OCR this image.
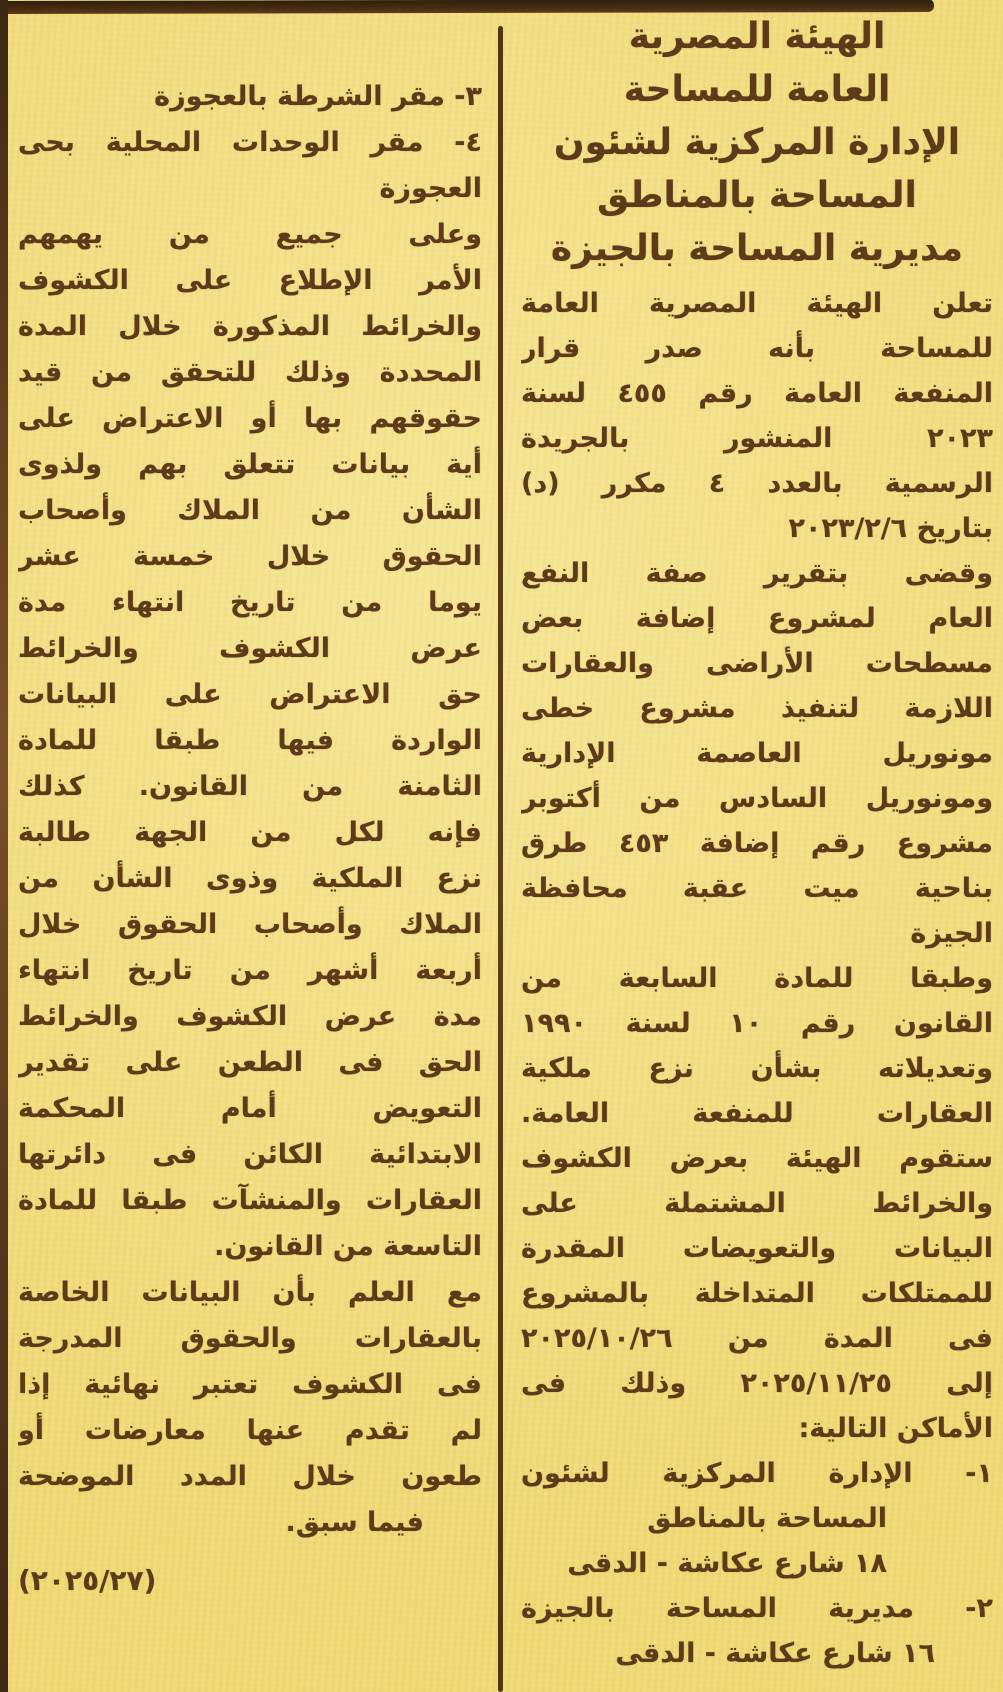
الهيئة المصرية
العامة للمساحة
الإدارة المركزية لشئون
المساحة بالمناطق
مديرية المساحة بالجيزة
تعلن الهيئة المصرية العامة
للمساحة بأنه صدر قرار
المنفعة العامة رقم ٤٥٥ لسنة
٢٠٢٣ المنشور بالجريدة
الرسمية بالعدد ٤ مكرر (د)
بتاريخ ٢٠٢٣/٢/٦
وقضى بتقرير صفة النفع
العام لمشروع إضافة بعض
مسطحات الأراضى والعقارات
اللازمة لتنفيذ مشروع خطى
مونوريل العاصمة الإدارية
ومونوريل السادس من أكتوبر
مشروع رقم إضافة ٤٥٣ طرق
بناحية ميت عقبة محافظة
الجيزة
وطبقا للمادة السابعة من
القانون رقم ١٠ لسنة ١٩٩٠
وتعديلاته بشأن نزع ملكية
العقارات للمنفعة العامة.
ستقوم الهيئة بعرض الكشوف
والخرائط المشتملة على
البيانات والتعويضات المقدرة
للممتلكات المتداخلة بالمشروع
فى المدة من ٢٠٢٥/١٠/٢٦
إلى ٢٠٢٥/١١/٢٥ وذلك فى
الأماكن التالية:
١- الإدارة المركزية لشئون
المساحة بالمناطق
١٨ شارع عكاشة - الدقى
٢- مديرية المساحة بالجيزة
١٦ شارع عكاشة - الدقى
٣- مقر الشرطة بالعجوزة
٤- مقر الوحدات المحلية بحى
العجوزة
وعلى جميع من يهمهم
الأمر الإطلاع على الكشوف
والخرائط المذكورة خلال المدة
المحددة وذلك للتحقق من قيد
حقوقهم بها أو الاعتراض على
أية بيانات تتعلق بهم ولذوى
الشأن من الملاك وأصحاب
الحقوق خلال خمسة عشر
يوما من تاريخ انتهاء مدة
عرض الكشوف والخرائط
حق الاعتراض على البيانات
الواردة فيها طبقا للمادة
الثامنة من القانون. كذلك
فإنه لكل من الجهة طالبة
نزع الملكية وذوى الشأن من
الملاك وأصحاب الحقوق خلال
أربعة أشهر من تاريخ انتهاء
مدة عرض الكشوف والخرائط
الحق فى الطعن على تقدير
التعويض أمام المحكمة
الابتدائية الكائن فى دائرتها
العقارات والمنشآت طبقا للمادة
التاسعة من القانون.
مع العلم بأن البيانات الخاصة
بالعقارات والحقوق المدرجة
فى الكشوف تعتبر نهائية إذا
لم تقدم عنها معارضات أو
طعون خلال المدد الموضحة
فيما سبق.
(٢٠٢٥/٢٧)
